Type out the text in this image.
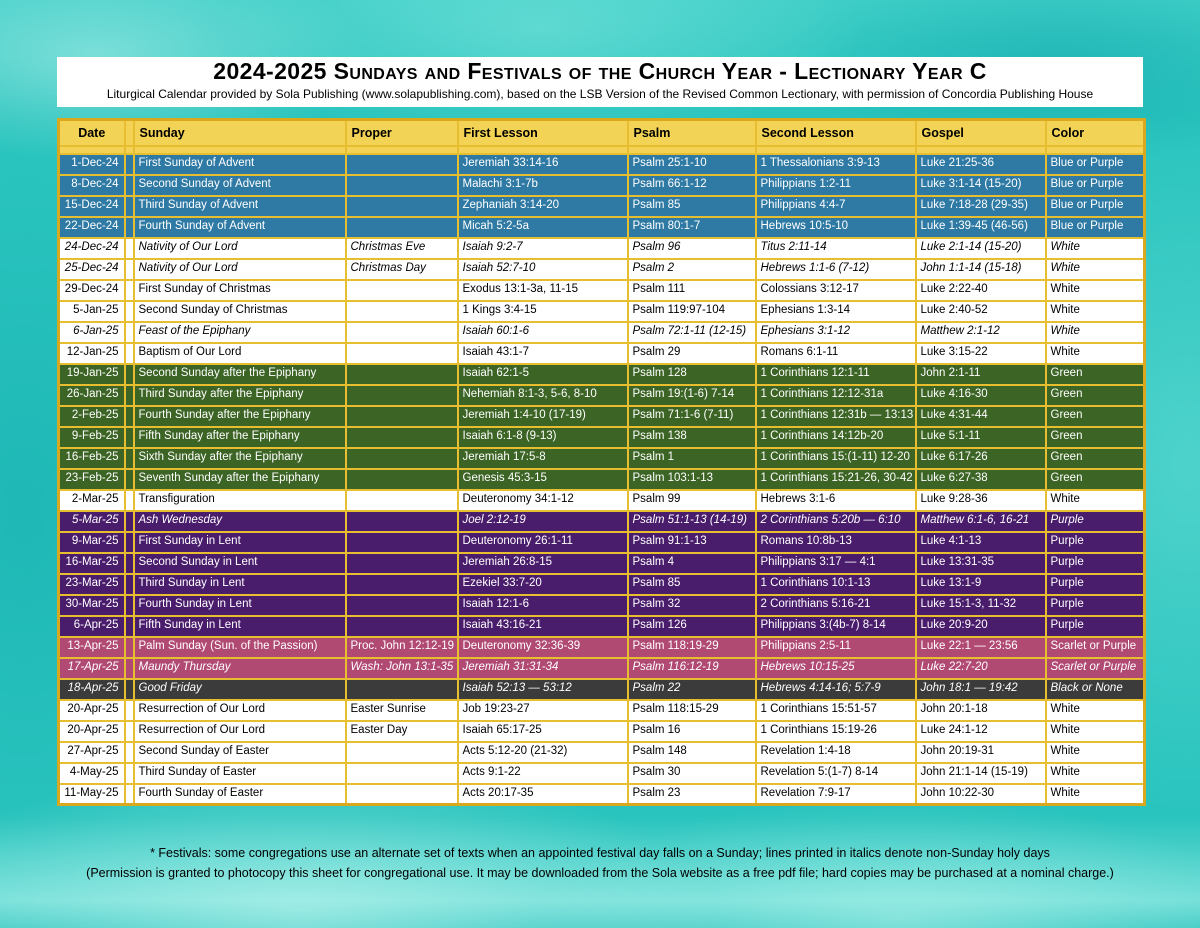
2024-2025 Sundays and Festivals of the Church Year - Lectionary Year C
Liturgical Calendar provided by Sola Publishing (www.solapublishing.com), based on the LSB Version of the Revised Common Lectionary, with permission of Concordia Publishing House
Date		Sunday	Proper	First Lesson	Psalm	Second Lesson	Gospel	Color

1-Dec-24		First Sunday of Advent		Jeremiah 33:14-16	Psalm 25:1-10	1 Thessalonians 3:9-13	Luke 21:25-36	Blue or Purple
8-Dec-24		Second Sunday of Advent		Malachi 3:1-7b	Psalm 66:1-12	Philippians 1:2-11	Luke 3:1-14 (15-20)	Blue or Purple
15-Dec-24		Third Sunday of Advent		Zephaniah 3:14-20	Psalm 85	Philippians 4:4-7	Luke 7:18-28 (29-35)	Blue or Purple
22-Dec-24		Fourth Sunday of Advent		Micah 5:2-5a	Psalm 80:1-7	Hebrews 10:5-10	Luke 1:39-45 (46-56)	Blue or Purple
24-Dec-24		Nativity of Our Lord	Christmas Eve	Isaiah 9:2-7	Psalm 96	Titus 2:11-14	Luke 2:1-14 (15-20)	White
25-Dec-24		Nativity of Our Lord	Christmas Day	Isaiah 52:7-10	Psalm 2	Hebrews 1:1-6 (7-12)	John 1:1-14 (15-18)	White
29-Dec-24		First Sunday of Christmas		Exodus 13:1-3a, 11-15	Psalm 111	Colossians 3:12-17	Luke 2:22-40	White
5-Jan-25		Second Sunday of Christmas		1 Kings 3:4-15	Psalm 119:97-104	Ephesians 1:3-14	Luke 2:40-52	White
6-Jan-25		Feast of the Epiphany		Isaiah 60:1-6	Psalm 72:1-11 (12-15)	Ephesians 3:1-12	Matthew 2:1-12	White
12-Jan-25		Baptism of Our Lord		Isaiah 43:1-7	Psalm 29	Romans 6:1-11	Luke 3:15-22	White
19-Jan-25		Second Sunday after the Epiphany		Isaiah 62:1-5	Psalm 128	1 Corinthians 12:1-11	John 2:1-11	Green
26-Jan-25		Third Sunday after the Epiphany		Nehemiah 8:1-3, 5-6, 8-10	Psalm 19:(1-6) 7-14	1 Corinthians 12:12-31a	Luke 4:16-30	Green
2-Feb-25		Fourth Sunday after the Epiphany		Jeremiah 1:4-10 (17-19)	Psalm 71:1-6 (7-11)	1 Corinthians 12:31b — 13:13	Luke 4:31-44	Green
9-Feb-25		Fifth Sunday after the Epiphany		Isaiah 6:1-8 (9-13)	Psalm 138	1 Corinthians 14:12b-20	Luke 5:1-11	Green
16-Feb-25		Sixth Sunday after the Epiphany		Jeremiah 17:5-8	Psalm 1	1 Corinthians 15:(1-11) 12-20	Luke 6:17-26	Green
23-Feb-25		Seventh Sunday after the Epiphany		Genesis 45:3-15	Psalm 103:1-13	1 Corinthians 15:21-26, 30-42	Luke 6:27-38	Green
2-Mar-25		Transfiguration		Deuteronomy 34:1-12	Psalm 99	Hebrews 3:1-6	Luke 9:28-36	White
5-Mar-25		Ash Wednesday		Joel 2:12-19	Psalm 51:1-13 (14-19)	2 Corinthians 5:20b — 6:10	Matthew 6:1-6, 16-21	Purple
9-Mar-25		First Sunday in Lent		Deuteronomy 26:1-11	Psalm 91:1-13	Romans 10:8b-13	Luke 4:1-13	Purple
16-Mar-25		Second Sunday in Lent		Jeremiah 26:8-15	Psalm 4	Philippians 3:17 — 4:1	Luke 13:31-35	Purple
23-Mar-25		Third Sunday in Lent		Ezekiel 33:7-20	Psalm 85	1 Corinthians 10:1-13	Luke 13:1-9	Purple
30-Mar-25		Fourth Sunday in Lent		Isaiah 12:1-6	Psalm 32	2 Corinthians 5:16-21	Luke 15:1-3, 11-32	Purple
6-Apr-25		Fifth Sunday in Lent		Isaiah 43:16-21	Psalm 126	Philippians 3:(4b-7) 8-14	Luke 20:9-20	Purple
13-Apr-25		Palm Sunday (Sun. of the Passion)	Proc. John 12:12-19	Deuteronomy 32:36-39	Psalm 118:19-29	Philippians 2:5-11	Luke 22:1 — 23:56	Scarlet or Purple
17-Apr-25		Maundy Thursday	Wash: John 13:1-35	Jeremiah 31:31-34	Psalm 116:12-19	Hebrews 10:15-25	Luke 22:7-20	Scarlet or Purple
18-Apr-25		Good Friday		Isaiah 52:13 — 53:12	Psalm 22	Hebrews 4:14-16; 5:7-9	John 18:1 — 19:42	Black or None
20-Apr-25		Resurrection of Our Lord	Easter Sunrise	Job 19:23-27	Psalm 118:15-29	1 Corinthians 15:51-57	John 20:1-18	White
20-Apr-25		Resurrection of Our Lord	Easter Day	Isaiah 65:17-25	Psalm 16	1 Corinthians 15:19-26	Luke 24:1-12	White
27-Apr-25		Second Sunday of Easter		Acts 5:12-20 (21-32)	Psalm 148	Revelation 1:4-18	John 20:19-31	White
4-May-25		Third Sunday of Easter		Acts 9:1-22	Psalm 30	Revelation 5:(1-7) 8-14	John 21:1-14 (15-19)	White
11-May-25		Fourth Sunday of Easter		Acts 20:17-35	Psalm 23	Revelation 7:9-17	John 10:22-30	White
* Festivals: some congregations use an alternate set of texts when an appointed festival day falls on a Sunday; lines printed in italics denote non-Sunday holy days
(Permission is granted to photocopy this sheet for congregational use. It may be downloaded from the Sola website as a free pdf file; hard copies may be purchased at a nominal charge.)
